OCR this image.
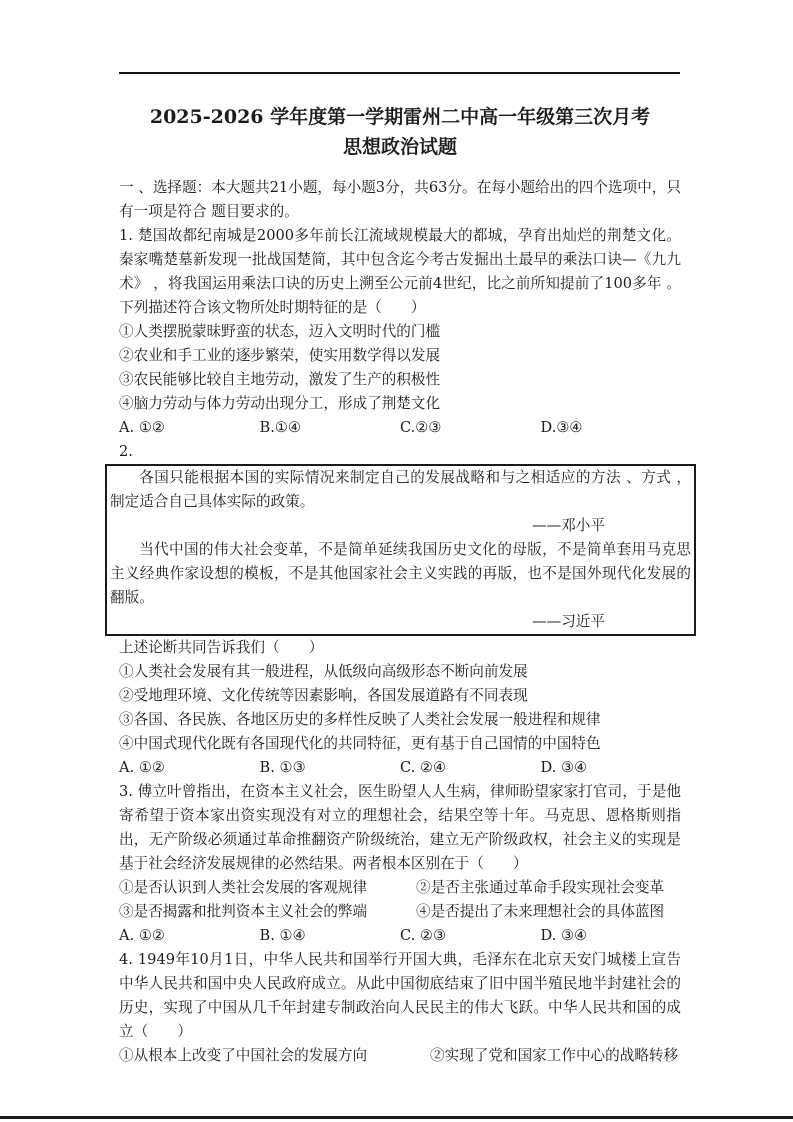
2025-2026 学年度第一学期雷州二中高一年级第三次月考
思想政治试题

一 、选择题：本大题共21小题，每小题3分，共63分。在每小题给出的四个选项中，只有一项是符合 题目要求的。

1. 楚国故都纪南城是2000多年前长江流域规模最大的都城，孕育出灿烂的荆楚文化。秦家嘴楚墓新发现一批战国楚简，其中包含迄今考古发掘出土最早的乘法口诀—《九九术》 ，将我国运用乘法口诀的历史上溯至公元前4世纪，比之前所知提前了100多年 。下列描述符合该文物所处时期特征的是（　　）

①人类摆脱蒙昧野蛮的状态，迈入文明时代的门槛

②农业和手工业的逐步繁荣，使实用数学得以发展

③农民能够比较自主地劳动，激发了生产的积极性

④脑力劳动与体力劳动出现分工，形成了荆楚文化

A. ①②	B.①④	C.②③	D.③④

2.

各国只能根据本国的实际情况来制定自己的发展战略和与之相适应的方法 、方式 ， 制定适合自己具体实际的政策。

——邓小平

当代中国的伟大社会变革，不是简单延续我国历史文化的母版，不是简单套用马克思主义经典作家设想的模板，不是其他国家社会主义实践的再版，也不是国外现代化发展的翻版。

——习近平

上述论断共同告诉我们（　　）

①人类社会发展有其一般进程，从低级向高级形态不断向前发展

②受地理环境、文化传统等因素影响，各国发展道路有不同表现

③各国、各民族、各地区历史的多样性反映了人类社会发展一般进程和规律

④中国式现代化既有各国现代化的共同特征，更有基于自己国情的中国特色

A. ①②	B. ①③	C. ②④	D. ③④

3. 傅立叶曾指出，在资本主义社会，医生盼望人人生病，律师盼望家家打官司，于是他寄希望于资本家出资实现没有对立的理想社会，结果空等十年。马克思、恩格斯则指出，无产阶级必须通过革命推翻资产阶级统治，建立无产阶级政权，社会主义的实现是基于社会经济发展规律的必然结果。两者根本区别在于（　　）

①是否认识到人类社会发展的客观规律	②是否主张通过革命手段实现社会变革
③是否揭露和批判资本主义社会的弊端	④是否提出了未来理想社会的具体蓝图
A. ①②	B. ①④	C. ②③	D. ③④

4. 1949年10月1日，中华人民共和国举行开国大典，毛泽东在北京天安门城楼上宣告中华人民共和国中央人民政府成立。从此中国彻底结束了旧中国半殖民地半封建社会的历史，实现了中国从几千年封建专制政治向人民民主的伟大飞跃。中华人民共和国的成立（　　）

①从根本上改变了中国社会的发展方向	②实现了党和国家工作中心的战略转移
